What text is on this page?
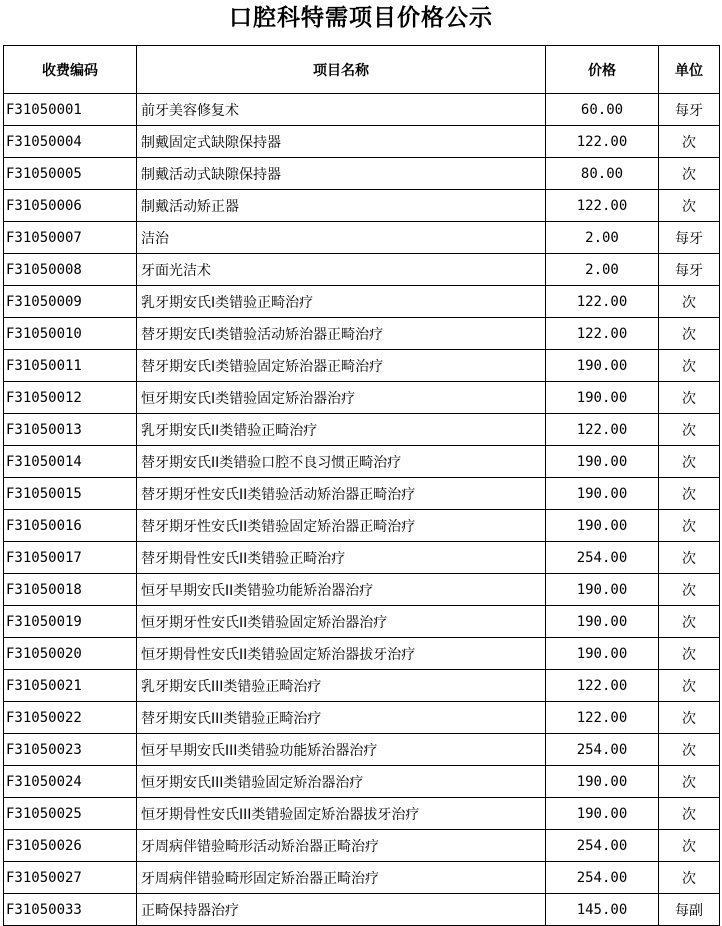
口腔科特需项目价格公示
收费编码	项目名称	价格	单位
F31050001	前牙美容修复术	60.00	每牙
F31050004	制戴固定式缺隙保持器	122.00	次
F31050005	制戴活动式缺隙保持器	80.00	次
F31050006	制戴活动矫正器	122.00	次
F31050007	洁治	2.00	每牙
F31050008	牙面光洁术	2.00	每牙
F31050009	乳牙期安氏I类错验正畸治疗	122.00	次
F31050010	替牙期安氏I类错验活动矫治器正畸治疗	122.00	次
F31050011	替牙期安氏I类错验固定矫治器正畸治疗	190.00	次
F31050012	恒牙期安氏I类错验固定矫治器治疗	190.00	次
F31050013	乳牙期安氏II类错验正畸治疗	122.00	次
F31050014	替牙期安氏II类错验口腔不良习惯正畸治疗	190.00	次
F31050015	替牙期牙性安氏II类错验活动矫治器正畸治疗	190.00	次
F31050016	替牙期牙性安氏II类错验固定矫治器正畸治疗	190.00	次
F31050017	替牙期骨性安氏II类错验正畸治疗	254.00	次
F31050018	恒牙早期安氏II类错验功能矫治器治疗	190.00	次
F31050019	恒牙期牙性安氏II类错验固定矫治器治疗	190.00	次
F31050020	恒牙期骨性安氏II类错验固定矫治器拔牙治疗	190.00	次
F31050021	乳牙期安氏III类错验正畸治疗	122.00	次
F31050022	替牙期安氏III类错验正畸治疗	122.00	次
F31050023	恒牙早期安氏III类错验功能矫治器治疗	254.00	次
F31050024	恒牙期安氏III类错验固定矫治器治疗	190.00	次
F31050025	恒牙期骨性安氏III类错验固定矫治器拔牙治疗	190.00	次
F31050026	牙周病伴错验畸形活动矫治器正畸治疗	254.00	次
F31050027	牙周病伴错验畸形固定矫治器正畸治疗	254.00	次
F31050033	正畸保持器治疗	145.00	每副
